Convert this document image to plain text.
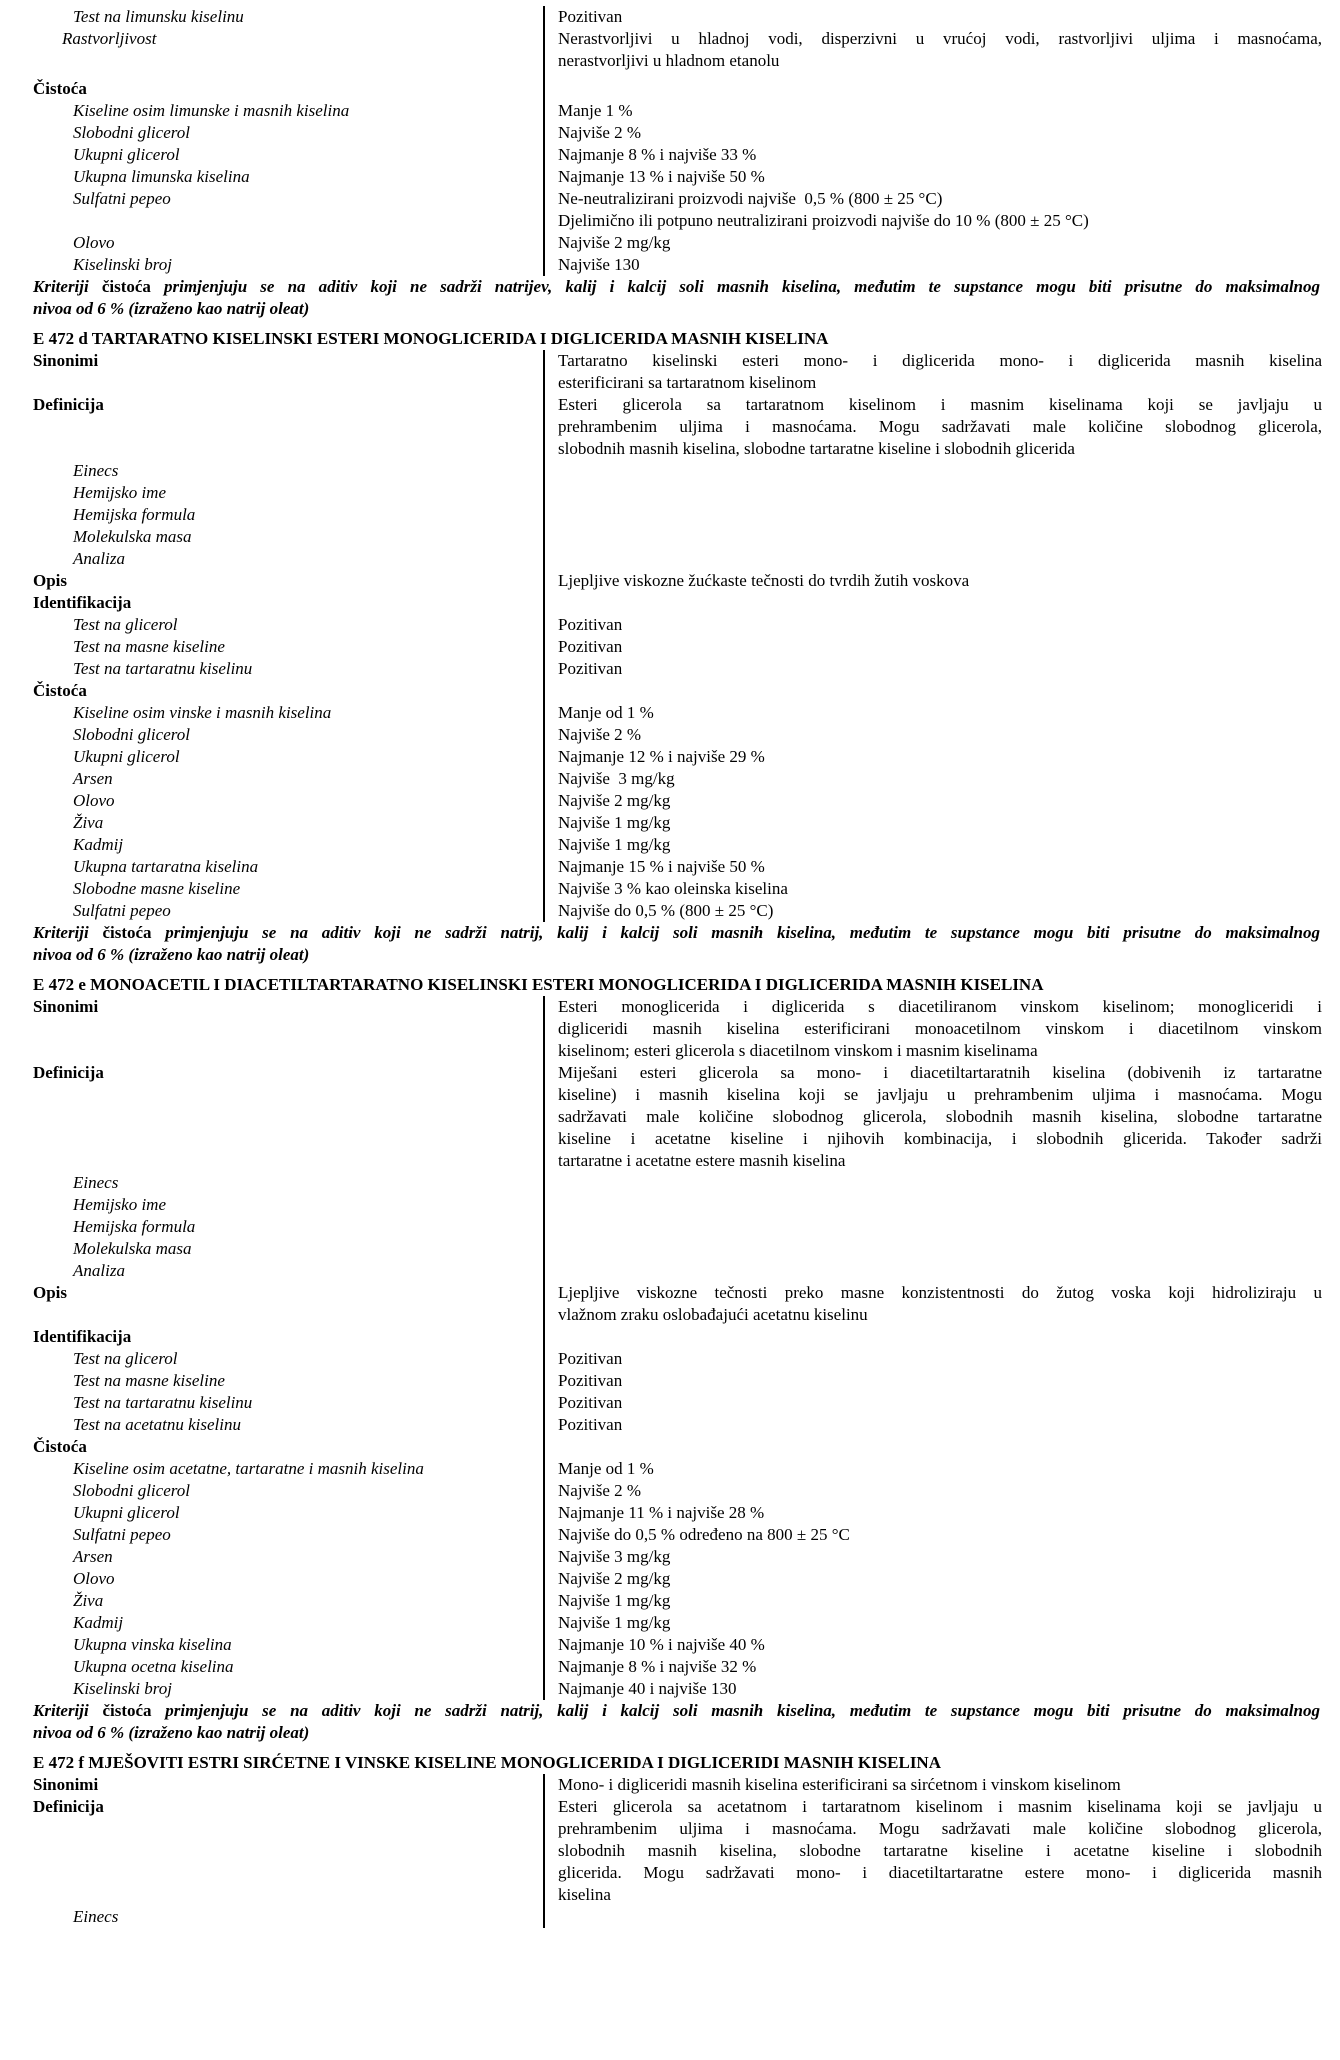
Test na limunsku kiselinu	Pozitivan
Rastvorljivost	Nerastvorljivi u hladnoj vodi, disperzivni u vrućoj vodi, rastvorljivi uljima i masnoćama,
nerastvorljivi u hladnom etanolu
Čistoća
Kiseline osim limunske i masnih kiselina	Manje 1 %
Slobodni glicerol	Najviše 2 %
Ukupni glicerol	Najmanje 8 % i najviše 33 %
Ukupna limunska kiselina	Najmanje 13 % i najviše 50 %
Sulfatni pepeo	Ne-neutralizirani proizvodi najviše  0,5 % (800 ± 25 °C)
Djelimično ili potpuno neutralizirani proizvodi najviše do 10 % (800 ± 25 °C)
Olovo	Najviše 2 mg/kg
Kiselinski broj	Najviše 130
Kriteriji čistoća primjenjuju se na aditiv koji ne sadrži natrijev, kalij i kalcij soli masnih kiselina, međutim te supstance mogu biti prisutne do maksimalnog
nivoa od 6 % (izraženo kao natrij oleat)
E 472 d TARTARATNO KISELINSKI ESTERI MONOGLICERIDA I DIGLICERIDA MASNIH KISELINA
Sinonimi	Tartaratno kiselinski esteri mono- i diglicerida mono- i diglicerida masnih kiselina
esterificirani sa tartaratnom kiselinom
Definicija	Esteri glicerola sa tartaratnom kiselinom i masnim kiselinama koji se javljaju u
prehrambenim uljima i masnoćama. Mogu sadržavati male količine slobodnog glicerola,
slobodnih masnih kiselina, slobodne tartaratne kiseline i slobodnih glicerida
Einecs
Hemijsko ime
Hemijska formula
Molekulska masa
Analiza
Opis	Ljepljive viskozne žućkaste tečnosti do tvrdih žutih voskova
Identifikacija
Test na glicerol	Pozitivan
Test na masne kiseline	Pozitivan
Test na tartaratnu kiselinu	Pozitivan
Čistoća
Kiseline osim vinske i masnih kiselina	Manje od 1 %
Slobodni glicerol	Najviše 2 %
Ukupni glicerol	Najmanje 12 % i najviše 29 %
Arsen	Najviše  3 mg/kg
Olovo	Najviše 2 mg/kg
Živa	Najviše 1 mg/kg
Kadmij	Najviše 1 mg/kg
Ukupna tartaratna kiselina	Najmanje 15 % i najviše 50 %
Slobodne masne kiseline	Najviše 3 % kao oleinska kiselina
Sulfatni pepeo	Najviše do 0,5 % (800 ± 25 °C)
Kriteriji čistoća primjenjuju se na aditiv koji ne sadrži natrij, kalij i kalcij soli masnih kiselina, međutim te supstance mogu biti prisutne do maksimalnog
nivoa od 6 % (izraženo kao natrij oleat)
E 472 e MONOACETIL I DIACETILTARTARATNO KISELINSKI ESTERI MONOGLICERIDA I DIGLICERIDA MASNIH KISELINA
Sinonimi	Esteri monoglicerida i diglicerida s diacetiliranom vinskom kiselinom; monogliceridi i
digliceridi masnih kiselina esterificirani monoacetilnom vinskom i diacetilnom vinskom
kiselinom; esteri glicerola s diacetilnom vinskom i masnim kiselinama
Definicija	Miješani esteri glicerola sa mono- i diacetiltartaratnih kiselina (dobivenih iz tartaratne
kiseline) i masnih kiselina koji se javljaju u prehrambenim uljima i masnoćama. Mogu
sadržavati male količine slobodnog glicerola, slobodnih masnih kiselina, slobodne tartaratne
kiseline i acetatne kiseline i njihovih kombinacija, i slobodnih glicerida. Također sadrži
tartaratne i acetatne estere masnih kiselina
Einecs
Hemijsko ime
Hemijska formula
Molekulska masa
Analiza
Opis	Ljepljive viskozne tečnosti preko masne konzistentnosti do žutog voska koji hidroliziraju u
vlažnom zraku oslobađajući acetatnu kiselinu
Identifikacija
Test na glicerol	Pozitivan
Test na masne kiseline	Pozitivan
Test na tartaratnu kiselinu	Pozitivan
Test na acetatnu kiselinu	Pozitivan
Čistoća
Kiseline osim acetatne, tartaratne i masnih kiselina	Manje od 1 %
Slobodni glicerol	Najviše 2 %
Ukupni glicerol	Najmanje 11 % i najviše 28 %
Sulfatni pepeo	Najviše do 0,5 % određeno na 800 ± 25 °C
Arsen	Najviše 3 mg/kg
Olovo	Najviše 2 mg/kg
Živa	Najviše 1 mg/kg
Kadmij	Najviše 1 mg/kg
Ukupna vinska kiselina	Najmanje 10 % i najviše 40 %
Ukupna ocetna kiselina	Najmanje 8 % i najviše 32 %
Kiselinski broj	Najmanje 40 i najviše 130
Kriteriji čistoća primjenjuju se na aditiv koji ne sadrži natrij, kalij i kalcij soli masnih kiselina, međutim te supstance mogu biti prisutne do maksimalnog
nivoa od 6 % (izraženo kao natrij oleat)
E 472 f MJEŠOVITI ESTRI SIRĆETNE I VINSKE KISELINE MONOGLICERIDA I DIGLICERIDI MASNIH KISELINA
Sinonimi	Mono- i digliceridi masnih kiselina esterificirani sa sirćetnom i vinskom kiselinom
Definicija	Esteri glicerola sa acetatnom i tartaratnom kiselinom i masnim kiselinama koji se javljaju u
prehrambenim uljima i masnoćama. Mogu sadržavati male količine slobodnog glicerola,
slobodnih masnih kiselina, slobodne tartaratne kiseline i acetatne kiseline i slobodnih
glicerida. Mogu sadržavati mono- i diacetiltartaratne estere mono- i diglicerida masnih
kiselina
Einecs
